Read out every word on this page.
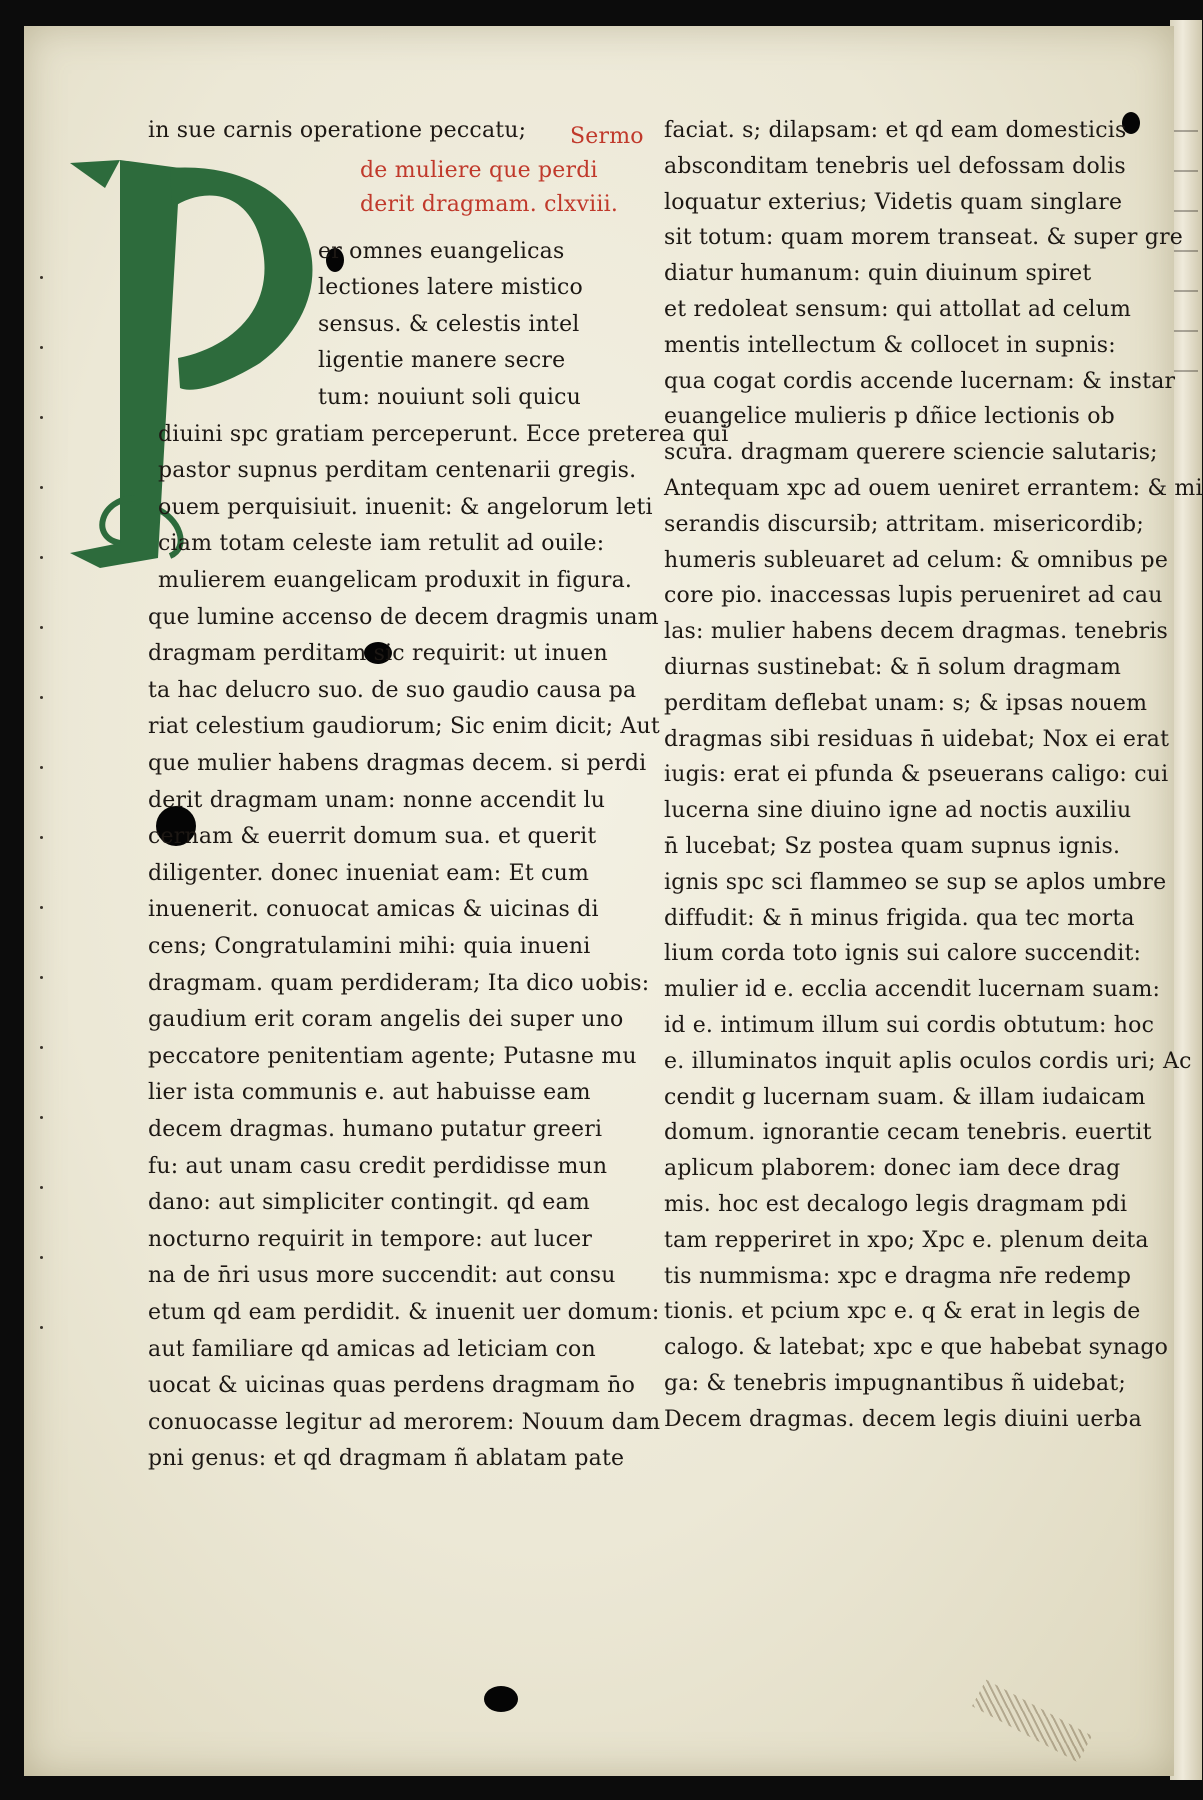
Sermo
de muliere que perdi
derit dragmam. clxviii.
in sue carnis operatione peccatu;
er omnes euangelicas
lectiones latere mistico
sensus. & celestis intel
ligentie manere secre
tum: nouiunt soli quicu
diuini spc gratiam perceperunt. Ecce preterea qui
pastor supnus perditam centenarii gregis.
ouem perquisiuit. inuenit: & angelorum leti
ciam totam celeste iam retulit ad ouile:
mulierem euangelicam produxit in figura.
que lumine accenso de decem dragmis unam
dragmam perditam sic requirit: ut inuen
ta hac delucro suo. de suo gaudio causa pa
riat celestium gaudiorum; Sic enim dicit; Aut
que mulier habens dragmas decem. si perdi
derit dragmam unam: nonne accendit lu
cernam & euerrit domum sua. et querit
diligenter. donec inueniat eam: Et cum
inuenerit. conuocat amicas & uicinas di
cens; Congratulamini mihi: quia inueni
dragmam. quam perdideram; Ita dico uobis:
gaudium erit coram angelis dei super uno
peccatore penitentiam agente; Putasne mu
lier ista communis e. aut habuisse eam
decem dragmas. humano putatur greeri
fu: aut unam casu credit perdidisse mun
dano: aut simpliciter contingit. qd eam
nocturno requirit in tempore: aut lucer
na de n̄ri usus more succendit: aut consu
etum qd eam perdidit. & inuenit uer domum:
aut familiare qd amicas ad leticiam con
uocat & uicinas quas perdens dragmam n̄o
conuocasse legitur ad merorem: Nouum dam
pni genus: et qd dragmam ñ ablatam pate
faciat. s; dilapsam: et qd eam domesticis
absconditam tenebris uel defossam dolis
loquatur exterius; Videtis quam singlare
sit totum: quam morem transeat. & super gre
diatur humanum: quin diuinum spiret
et redoleat sensum: qui attollat ad celum
mentis intellectum & collocet in supnis:
qua cogat cordis accende lucernam: & instar
euangelice mulieris p dñice lectionis ob
scura. dragmam querere sciencie salutaris;
Antequam xpc ad ouem ueniret errantem: & mi
serandis discursib; attritam. misericordib;
humeris subleuaret ad celum: & omnibus pe
core pio. inaccessas lupis perueniret ad cau
las: mulier habens decem dragmas. tenebris
diurnas sustinebat: & n̄ solum dragmam
perditam deflebat unam: s; & ipsas nouem
dragmas sibi residuas n̄ uidebat; Nox ei erat
iugis: erat ei pfunda & pseuerans caligo: cui
lucerna sine diuino igne ad noctis auxiliu
n̄ lucebat; Sz postea quam supnus ignis.
ignis spc sci flammeo se sup se aplos umbre
diffudit: & n̄ minus frigida. qua tec morta
lium corda toto ignis sui calore succendit:
mulier id e. ecclia accendit lucernam suam:
id e. intimum illum sui cordis obtutum: hoc
e. illuminatos inquit aplis oculos cordis uri; Ac
cendit g lucernam suam. & illam iudaicam
domum. ignorantie cecam tenebris. euertit
aplicum plaborem: donec iam dece drag
mis. hoc est decalogo legis dragmam pdi
tam repperiret in xpo; Xpc e. plenum deita
tis nummisma: xpc e dragma nr̄e redemp
tionis. et pcium xpc e. q & erat in legis de
calogo. & latebat; xpc e que habebat synago
ga: & tenebris impugnantibus ñ uidebat;
Decem dragmas. decem legis diuini uerba
